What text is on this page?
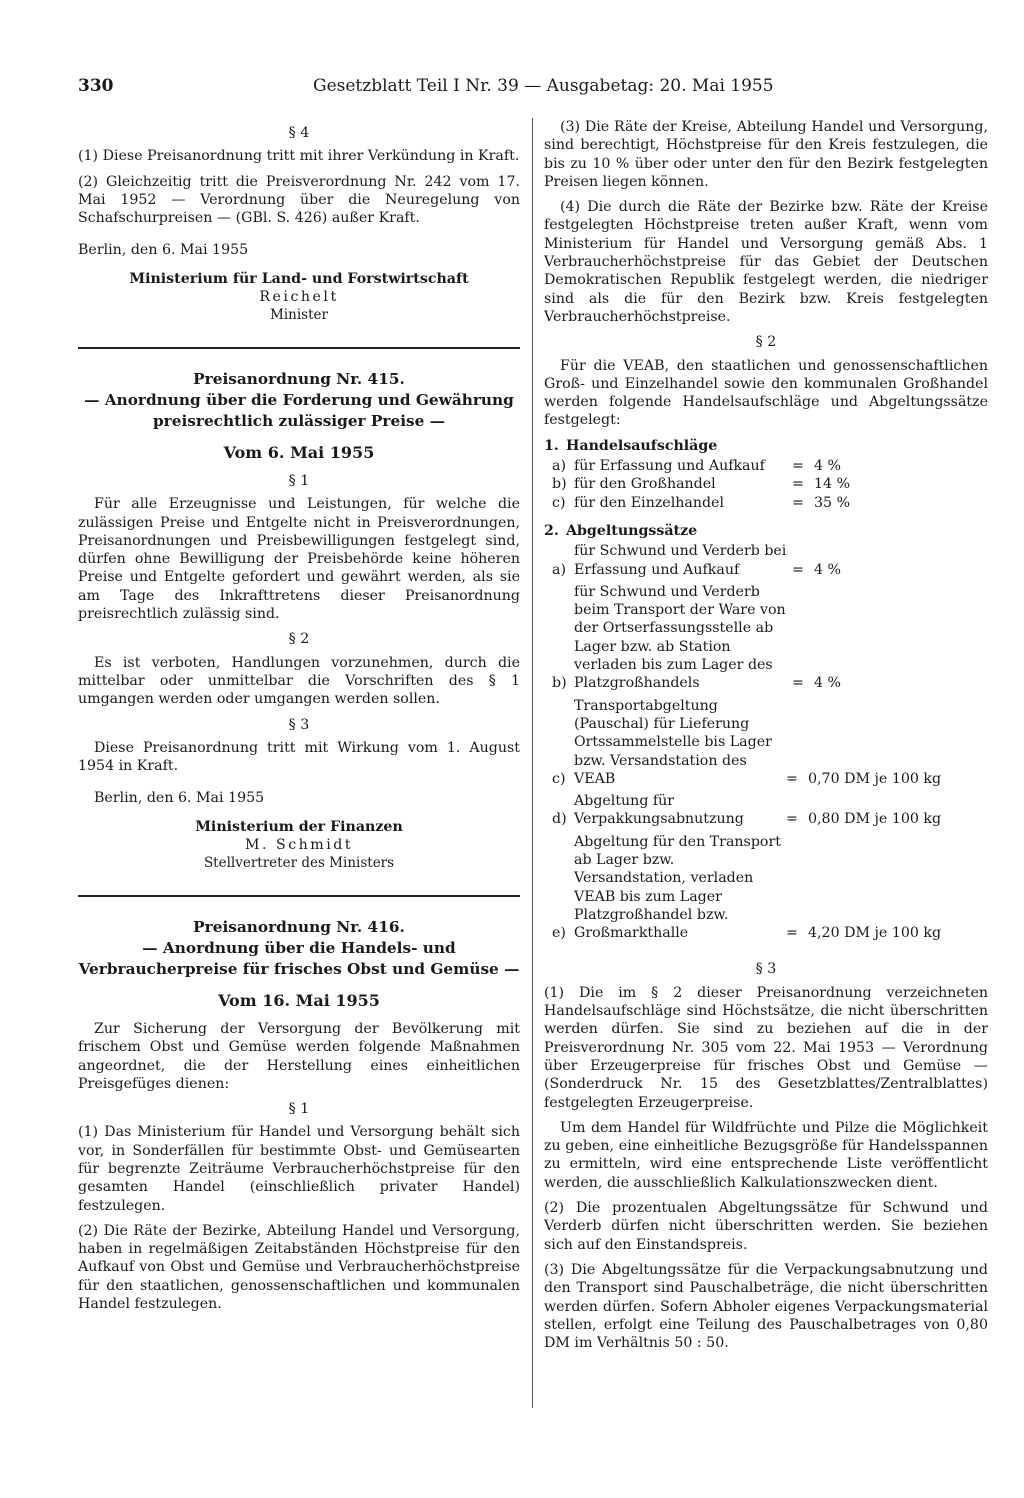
330	Gesetzblatt Teil I Nr. 39 — Ausgabetag: 20. Mai 1955

§ 4

(1) Diese Preisanordnung tritt mit ihrer Verkündung in Kraft.

(2) Gleichzeitig tritt die Preisverordnung Nr. 242 vom 17. Mai 1952 — Verordnung über die Neuregelung von Schafschurpreisen — (GBl. S. 426) außer Kraft.

Berlin, den 6. Mai 1955

Ministerium für Land- und Forstwirtschaft

Reichelt

Minister

Preisanordnung Nr. 415.
— Anordnung über die Forderung und Gewährung preisrechtlich zulässiger Preise —
Vom 6. Mai 1955

§ 1

Für alle Erzeugnisse und Leistungen, für welche die zulässigen Preise und Entgelte nicht in Preisverordnungen, Preisanordnungen und Preisbewilligungen festgelegt sind, dürfen ohne Bewilligung der Preisbehörde keine höheren Preise und Entgelte gefordert und gewährt werden, als sie am Tage des Inkrafttretens dieser Preisanordnung preisrechtlich zulässig sind.

§ 2

Es ist verboten, Handlungen vorzunehmen, durch die mittelbar oder unmittelbar die Vorschriften des § 1 umgangen werden oder umgangen werden sollen.

§ 3

Diese Preisanordnung tritt mit Wirkung vom 1. August 1954 in Kraft.

Berlin, den 6. Mai 1955

Ministerium der Finanzen

M. Schmidt

Stellvertreter des Ministers

Preisanordnung Nr. 416.
— Anordnung über die Handels- und Verbraucherpreise für frisches Obst und Gemüse —
Vom 16. Mai 1955

Zur Sicherung der Versorgung der Bevölkerung mit frischem Obst und Gemüse werden folgende Maßnahmen angeordnet, die der Herstellung eines einheitlichen Preisgefüges dienen:

§ 1

(1) Das Ministerium für Handel und Versorgung behält sich vor, in Sonderfällen für bestimmte Obst- und Gemüsearten für begrenzte Zeiträume Verbraucherhöchstpreise für den gesamten Handel (einschließlich privater Handel) festzulegen.

(2) Die Räte der Bezirke, Abteilung Handel und Versorgung, haben in regelmäßigen Zeitabständen Höchstpreise für den Aufkauf von Obst und Gemüse und Verbraucherhöchstpreise für den staatlichen, genossenschaftlichen und kommunalen Handel festzulegen.

(3) Die Räte der Kreise, Abteilung Handel und Versorgung, sind berechtigt, Höchstpreise für den Kreis festzulegen, die bis zu 10 % über oder unter den für den Bezirk festgelegten Preisen liegen können.

(4) Die durch die Räte der Bezirke bzw. Räte der Kreise festgelegten Höchstpreise treten außer Kraft, wenn vom Ministerium für Handel und Versorgung gemäß Abs. 1 Verbraucherhöchstpreise für das Gebiet der Deutschen Demokratischen Republik festgelegt werden, die niedriger sind als die für den Bezirk bzw. Kreis festgelegten Verbraucherhöchstpreise.

§ 2

Für die VEAB, den staatlichen und genossenschaftlichen Groß- und Einzelhandel sowie den kommunalen Großhandel werden folgende Handelsaufschläge und Abgeltungssätze festgelegt:

1. Handelsaufschläge
a) für Erfassung und Aufkauf	= 4 %
b) für den Großhandel	= 14 %
c) für den Einzelhandel	= 35 %
2. Abgeltungssätze
a)
für Schwund und Verderb bei Erfassung und Aufkauf	= 4 %
b)
für Schwund und Verderb beim Transport der Ware von der Ortserfassungsstelle ab Lager bzw. ab Station verladen bis zum Lager des Platzgroßhandels	= 4 %
c)
Transportabgeltung (Pauschal) für Lieferung Ortssammelstelle bis Lager bzw. Versandstation des VEAB	= 0,70 DM je 100 kg
d)
Abgeltung für Verpakkungsabnutzung	= 0,80 DM je 100 kg
e)
Abgeltung für den Transport ab Lager bzw. Versandstation, verladen VEAB bis zum Lager Platzgroßhandel bzw. Großmarkthalle	= 4,20 DM je 100 kg

§ 3

(1) Die im § 2 dieser Preisanordnung verzeichneten Handelsaufschläge sind Höchstsätze, die nicht überschritten werden dürfen. Sie sind zu beziehen auf die in der Preisverordnung Nr. 305 vom 22. Mai 1953 — Verordnung über Erzeugerpreise für frisches Obst und Gemüse — (Sonderdruck Nr. 15 des Gesetzblattes/Zentralblattes) festgelegten Erzeugerpreise.

Um dem Handel für Wildfrüchte und Pilze die Möglichkeit zu geben, eine einheitliche Bezugsgröße für Handelsspannen zu ermitteln, wird eine entsprechende Liste veröffentlicht werden, die ausschließlich Kalkulationszwecken dient.

(2) Die prozentualen Abgeltungssätze für Schwund und Verderb dürfen nicht überschritten werden. Sie beziehen sich auf den Einstandspreis.

(3) Die Abgeltungssätze für die Verpackungsabnutzung und den Transport sind Pauschalbeträge, die nicht überschritten werden dürfen. Sofern Abholer eigenes Verpackungsmaterial stellen, erfolgt eine Teilung des Pauschalbetrages von 0,80 DM im Verhältnis 50 : 50.
